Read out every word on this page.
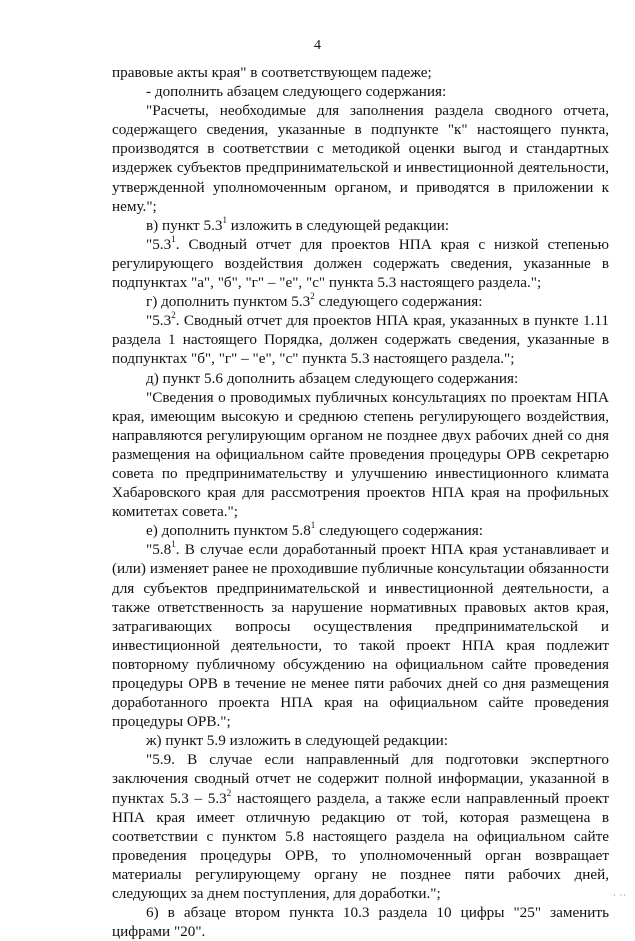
4

правовые акты края" в соответствующем падеже;

- дополнить абзацем следующего содержания:

"Расчеты, необходимые для заполнения раздела сводного отчета, содержащего сведения, указанные в подпункте "к" настоящего пункта, производятся в соответствии с методикой оценки выгод и стандартных издержек субъектов предпринимательской и инвестиционной деятельности, утвержденной уполномоченным органом, и приводятся в приложении к нему.";

в) пункт $5.3^1$ изложить в следующей редакции:

"$5.3^1$. Сводный отчет для проектов НПА края с низкой степенью регулирующего воздействия должен содержать сведения, указанные в подпунктах "а", "б", "г" – "е", "с" пункта 5.3 настоящего раздела.";

г) дополнить пунктом $5.3^2$ следующего содержания:

"$5.3^2$. Сводный отчет для проектов НПА края, указанных в пункте 1.11 раздела 1 настоящего Порядка, должен содержать сведения, указанные в подпунктах "б", "г" – "е", "с" пункта 5.3 настоящего раздела.";

д) пункт 5.6 дополнить абзацем следующего содержания:

"Сведения о проводимых публичных консультациях по проектам НПА края, имеющим высокую и среднюю степень регулирующего воздействия, направляются регулирующим органом не позднее двух рабочих дней со дня размещения на официальном сайте проведения процедуры ОРВ секретарю совета по предпринимательству и улучшению инвестиционного климата Хабаровского края для рассмотрения проектов НПА края на профильных комитетах совета.";

е) дополнить пунктом $5.8^1$ следующего содержания:

"$5.8^1$. В случае если доработанный проект НПА края устанавливает и (или) изменяет ранее не проходившие публичные консультации обязанности для субъектов предпринимательской и инвестиционной деятельности, а также ответственность за нарушение нормативных правовых актов края, затрагивающих вопросы осуществления предпринимательской и инвестиционной деятельности, то такой проект НПА края подлежит повторному публичному обсуждению на официальном сайте проведения процедуры ОРВ в течение не менее пяти рабочих дней со дня размещения доработанного проекта НПА края на официальном сайте проведения процедуры ОРВ.";

ж) пункт 5.9 изложить в следующей редакции:

"5.9. В случае если направленный для подготовки экспертного заключения сводный отчет не содержит полной информации, указанной в пунктах $5.3 - 5.3^2$ настоящего раздела, а также если направленный проект НПА края имеет отличную редакцию от той, которая размещена в соответствии с пунктом 5.8 настоящего раздела на официальном сайте проведения процедуры ОРВ, то уполномоченный орган возвращает материалы регулирующему органу не позднее пяти рабочих дней, следующих за днем поступления, для доработки.";

6) в абзаце втором пункта 10.3 раздела 10 цифры "25" заменить цифрами "20".

· ··
